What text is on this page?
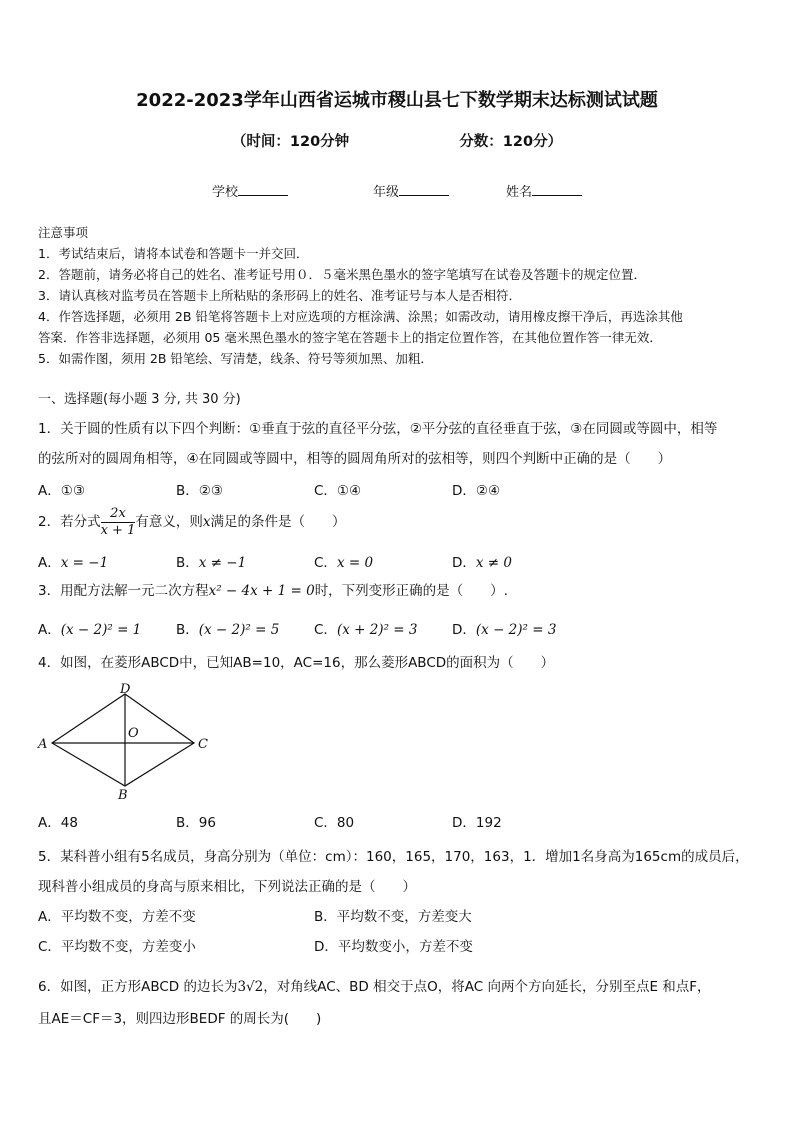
2022-2023学年山西省运城市稷山县七下数学期末达标测试试题
（时间：120分钟	分数：120分）
学校	年级	姓名

注意事项

1．考试结束后，请将本试卷和答题卡一并交回．

2．答题前，请务必将自己的姓名、准考证号用０．５毫米黑色墨水的签字笔填写在试卷及答题卡的规定位置．

3．请认真核对监考员在答题卡上所粘贴的条形码上的姓名、准考证号与本人是否相符．

4．作答选择题，必须用 2B 铅笔将答题卡上对应选项的方框涂满、涂黑；如需改动，请用橡皮擦干净后，再选涂其他

答案．作答非选择题，必须用 05 毫米黑色墨水的签字笔在答题卡上的指定位置作答，在其他位置作答一律无效．

5．如需作图，须用 2B 铅笔绘、写清楚，线条、符号等须加黑、加粗．

一、选择题(每小题 3 分, 共 30 分)
1．关于圆的性质有以下四个判断：①垂直于弦的直径平分弦，②平分弦的直径垂直于弦，③在同圆或等圆中，相等
的弦所对的圆周角相等，④在同圆或等圆中，相等的圆周角所对的弦相等，则四个判断中正确的是（　　）
A．①③	B．②③	C．①④	D．②④
2．若分式 $\frac{2x}{x + 1}$ 有意义，则x满足的条件是（　　）
A．x = −1	B．x ≠ −1	C．x = 0	D．x ≠ 0
3．用配方法解一元二次方程x² − 4x + 1 = 0时，下列变形正确的是（　　）.
A．(x − 2)² = 1	B．(x − 2)² = 5	C．(x + 2)² = 3	D．(x − 2)² = 3
4．如图，在菱形ABCD中，已知AB=10，AC=16，那么菱形ABCD的面积为（　　）
A	C
D
B
O
A．48	B．96	C．80	D．192
5．某科普小组有5名成员，身高分别为（单位：cm）：160，165，170，163，1．增加1名身高为165cm的成员后，
现科普小组成员的身高与原来相比，下列说法正确的是（　　）
A．平均数不变，方差不变	B．平均数不变，方差变大
C．平均数不变，方差变小	D．平均数变小，方差不变
6．如图，正方形ABCD 的边长为3√2，对角线AC、BD 相交于点O，将AC 向两个方向延长，分别至点E 和点F，
且AE＝CF＝3，则四边形BEDF 的周长为(　　)
